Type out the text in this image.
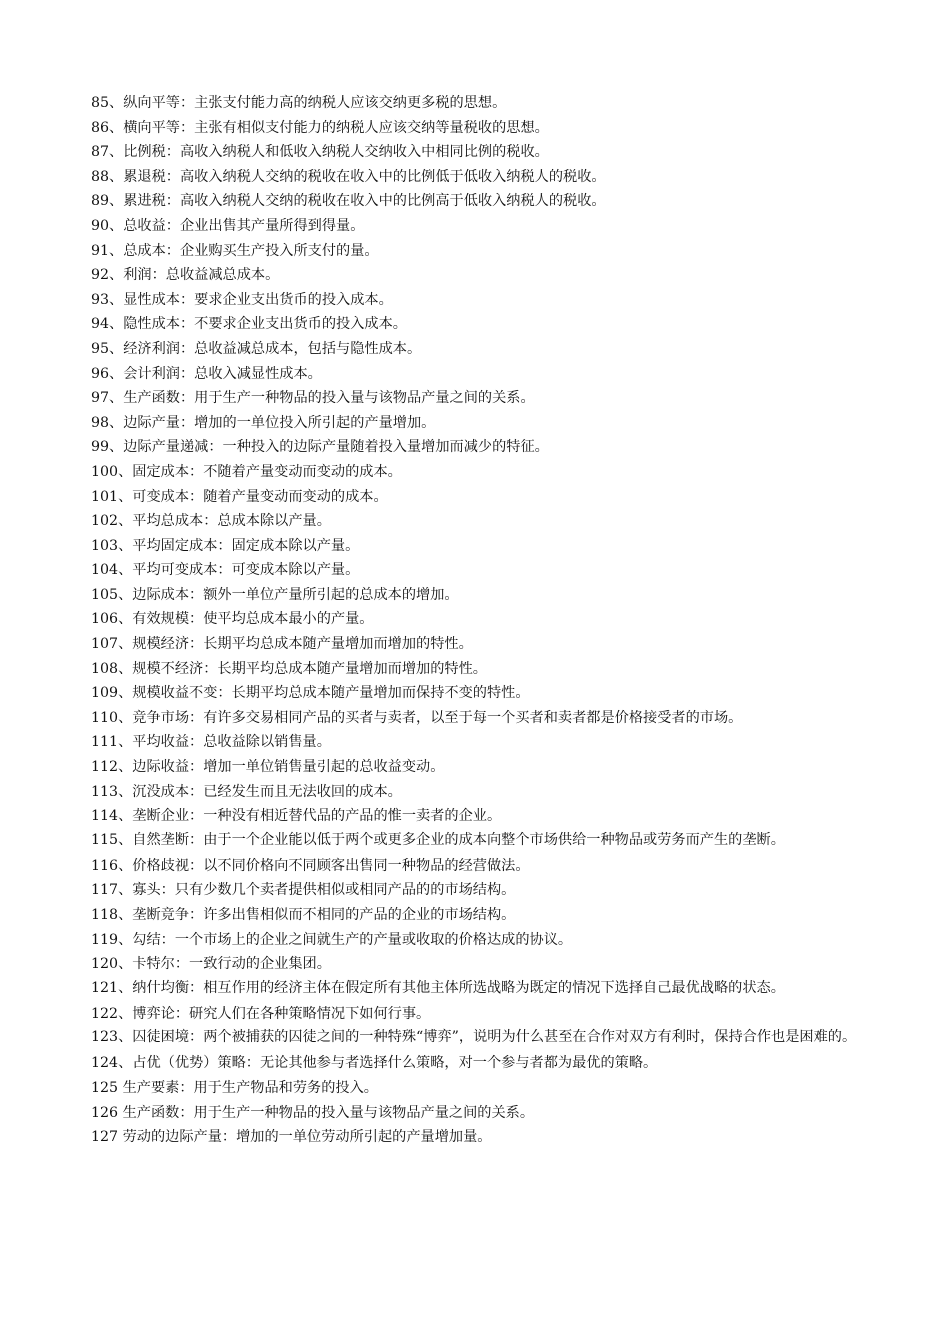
85、纵向平等：主张支付能力高的纳税人应该交纳更多税的思想。

86、横向平等：主张有相似支付能力的纳税人应该交纳等量税收的思想。

87、比例税：高收入纳税人和低收入纳税人交纳收入中相同比例的税收。

88、累退税：高收入纳税人交纳的税收在收入中的比例低于低收入纳税人的税收。

89、累进税：高收入纳税人交纳的税收在收入中的比例高于低收入纳税人的税收。

90、总收益：企业出售其产量所得到得量。

91、总成本：企业购买生产投入所支付的量。

92、利润：总收益减总成本。

93、显性成本：要求企业支出货币的投入成本。

94、隐性成本：不要求企业支出货币的投入成本。

95、经济利润：总收益减总成本，包括与隐性成本。

96、会计利润：总收入减显性成本。

97、生产函数：用于生产一种物品的投入量与该物品产量之间的关系。

98、边际产量：增加的一单位投入所引起的产量增加。

99、边际产量递减：一种投入的边际产量随着投入量增加而减少的特征。

100、固定成本：不随着产量变动而变动的成本。

101、可变成本：随着产量变动而变动的成本。

102、平均总成本：总成本除以产量。

103、平均固定成本：固定成本除以产量。

104、平均可变成本：可变成本除以产量。

105、边际成本：额外一单位产量所引起的总成本的增加。

106、有效规模：使平均总成本最小的产量。

107、规模经济：长期平均总成本随产量增加而增加的特性。

108、规模不经济：长期平均总成本随产量增加而增加的特性。

109、规模收益不变：长期平均总成本随产量增加而保持不变的特性。

110、竞争市场：有许多交易相同产品的买者与卖者，以至于每一个买者和卖者都是价格接受者的市场。

111、平均收益：总收益除以销售量。

112、边际收益：增加一单位销售量引起的总收益变动。

113、沉没成本：已经发生而且无法收回的成本。

114、垄断企业：一种没有相近替代品的产品的惟一卖者的企业。

115、自然垄断：由于一个企业能以低于两个或更多企业的成本向整个市场供给一种物品或劳务而产生的垄断。

116、价格歧视：以不同价格向不同顾客出售同一种物品的经营做法。

117、寡头：只有少数几个卖者提供相似或相同产品的的市场结构。

118、垄断竞争：许多出售相似而不相同的产品的企业的市场结构。

119、勾结：一个市场上的企业之间就生产的产量或收取的价格达成的协议。

120、卡特尔：一致行动的企业集团。

121、纳什均衡：相互作用的经济主体在假定所有其他主体所选战略为既定的情况下选择自己最优战略的状态。

122、博弈论：研究人们在各种策略情况下如何行事。

123、囚徒困境：两个被捕获的囚徒之间的一种特殊“博弈”，说明为什么甚至在合作对双方有利时，保持合作也是困难的。

124、占优（优势）策略：无论其他参与者选择什么策略，对一个参与者都为最优的策略。

125 生产要素：用于生产物品和劳务的投入。

126 生产函数：用于生产一种物品的投入量与该物品产量之间的关系。

127 劳动的边际产量：增加的一单位劳动所引起的产量增加量。
